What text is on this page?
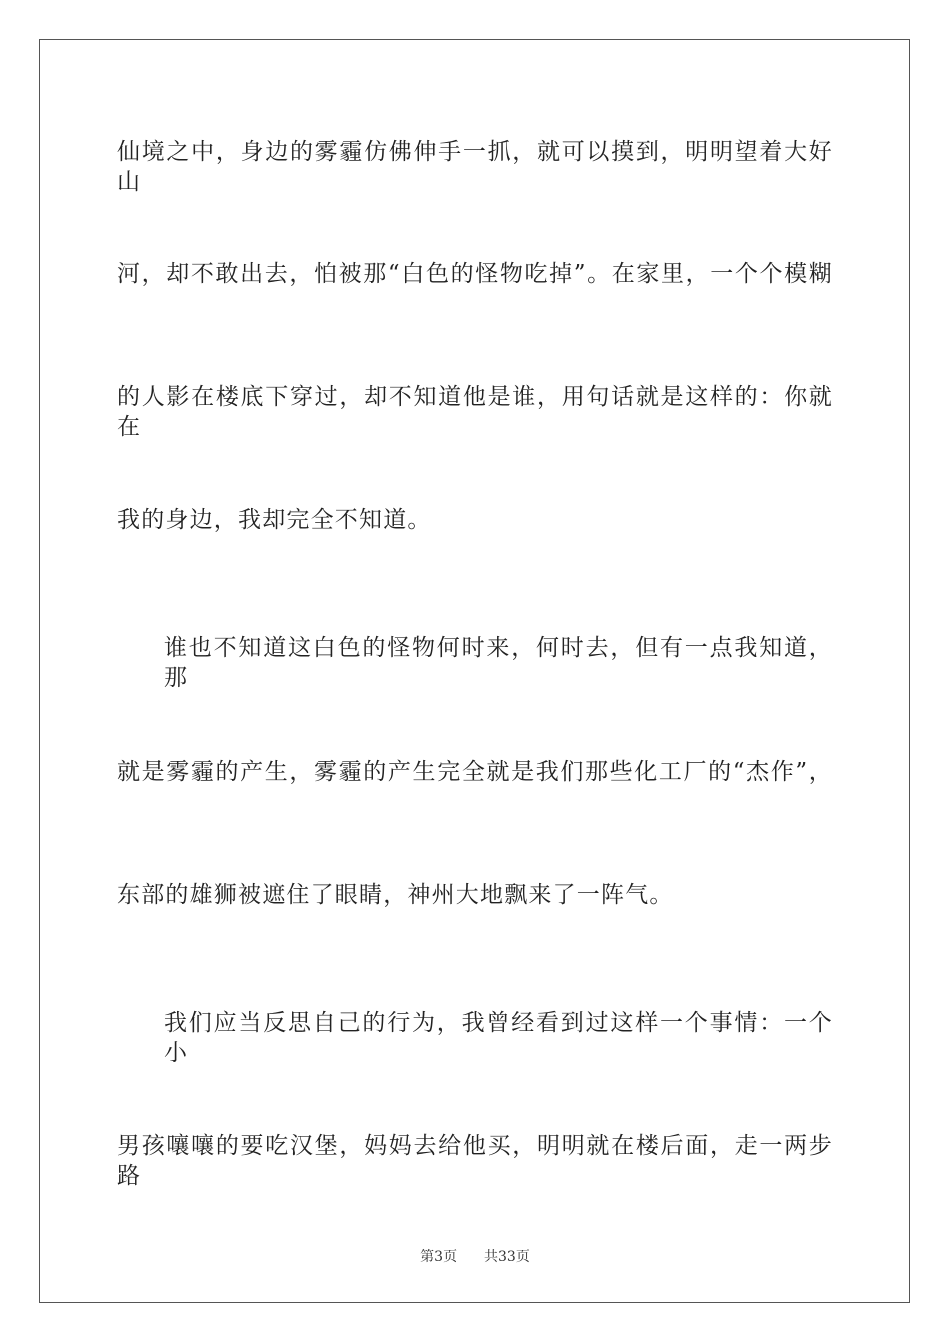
仙境之中，身边的雾霾仿佛伸手一抓，就可以摸到，明明望着大好山
河，却不敢出去，怕被那“白色的怪物吃掉”。在家里，一个个模糊
的人影在楼底下穿过，却不知道他是谁，用句话就是这样的：你就在
我的身边，我却完全不知道。
谁也不知道这白色的怪物何时来，何时去，但有一点我知道，那
就是雾霾的产生，雾霾的产生完全就是我们那些化工厂的“杰作”，
东部的雄狮被遮住了眼睛，神州大地飘来了一阵气。
我们应当反思自己的行为，我曾经看到过这样一个事情：一个小
男孩嚷嚷的要吃汉堡，妈妈去给他买，明明就在楼后面，走一两步路
第3页 共33页
